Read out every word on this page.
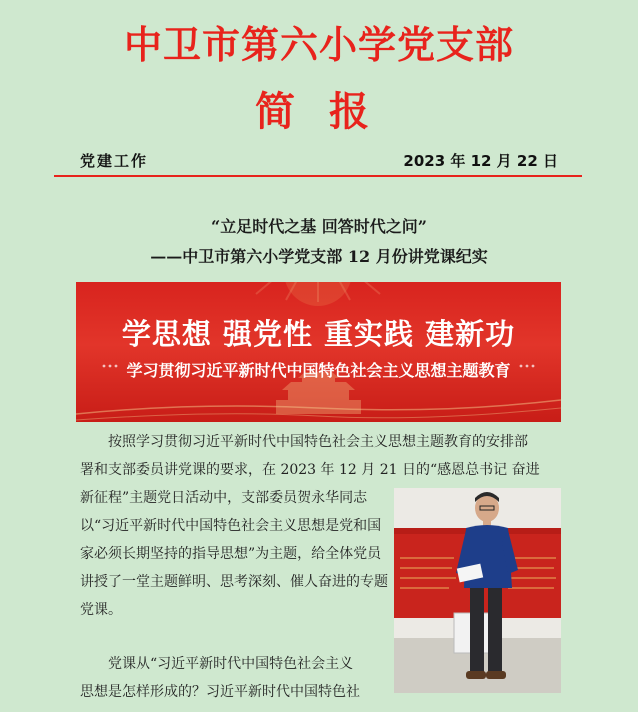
中卫市第六小学党支部
简报
党建工作	2023 年 12 月 22 日
“立足时代之基 回答时代之问”
——中卫市第六小学党支部 12 月份讲党课纪实
学思想 强党性 重实践 建新功
学习贯彻习近平新时代中国特色社会主义思想主题教育

按照学习贯彻习近平新时代中国特色社会主义思想主题教育的安排部

署和支部委员讲党课的要求，在 2023 年 12 月 21 日的“感恩总书记 奋进

新征程”主题党日活动中，支部委员贺永华同志以“习近平新时代中国特色社会主义思想是党和国家必须长期坚持的指导思想”为主题，给全体党员讲授了一堂主题鲜明、思考深刻、催人奋进的专题党课。

党课从“习近平新时代中国特色社会主义

思想是怎样形成的？习近平新时代中国特色社
